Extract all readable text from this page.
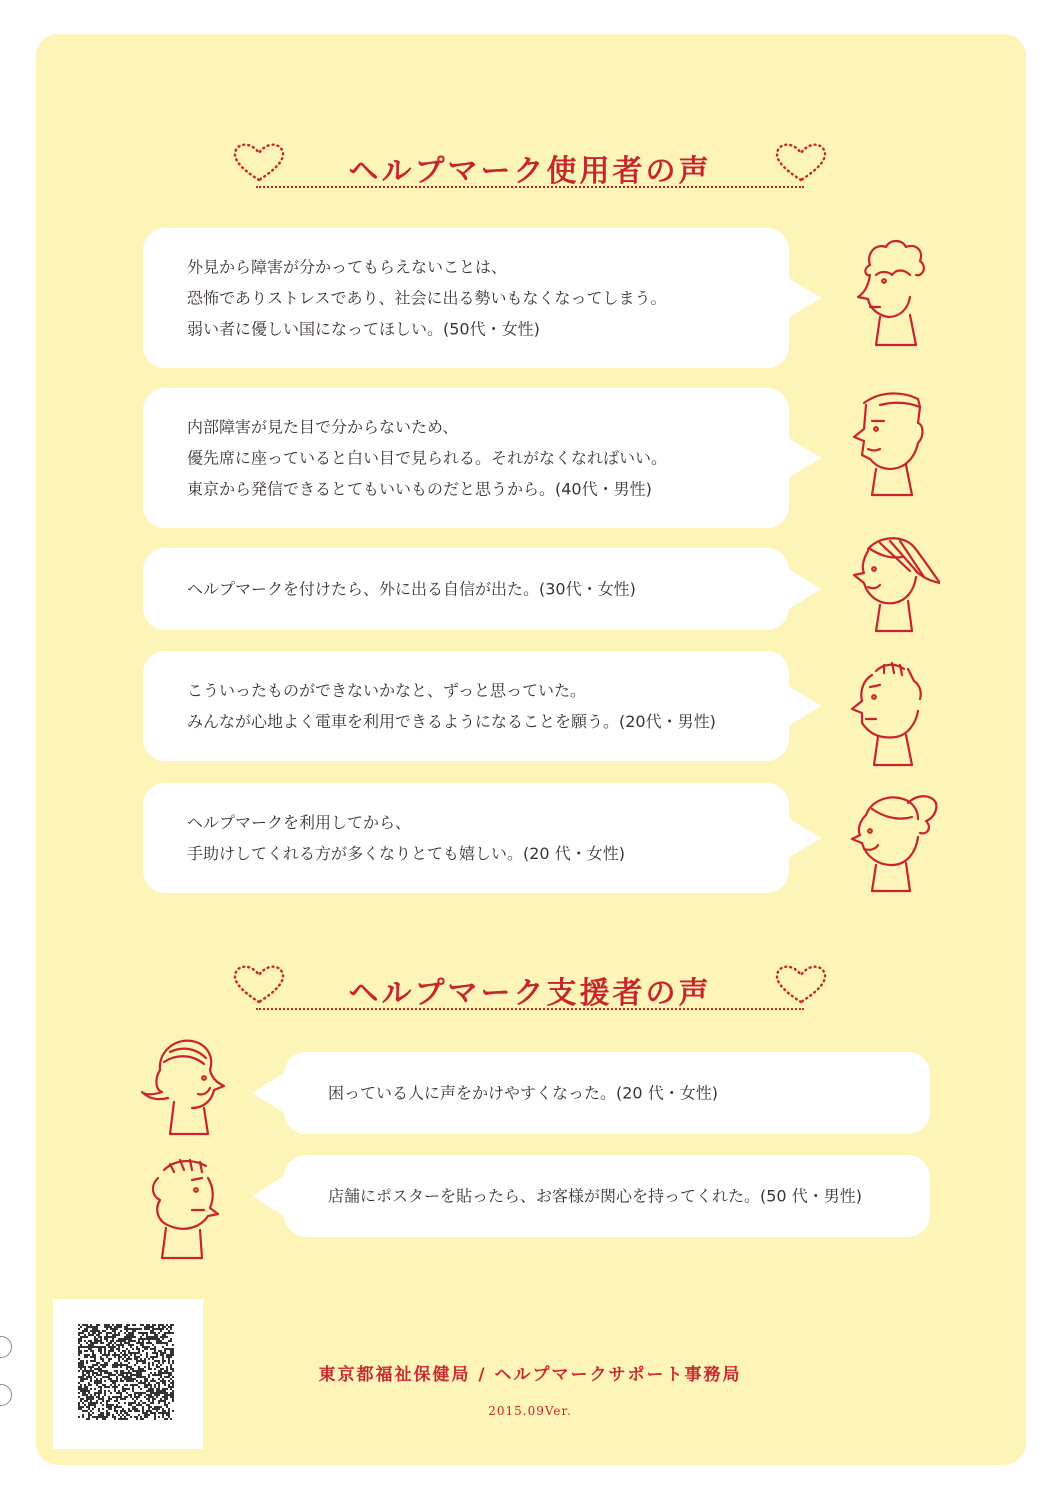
ヘルプマーク使用者の声
外見から障害が分かってもらえないことは、
恐怖でありストレスであり、社会に出る勢いもなくなってしまう。
弱い者に優しい国になってほしい。(50代・女性)
内部障害が見た目で分からないため、
優先席に座っていると白い目で見られる。それがなくなればいい。
東京から発信できるとてもいいものだと思うから。(40代・男性)
ヘルプマークを付けたら、外に出る自信が出た。(30代・女性)
こういったものができないかなと、ずっと思っていた。
みんなが心地よく電車を利用できるようになることを願う。(20代・男性)
ヘルプマークを利用してから、
手助けしてくれる方が多くなりとても嬉しい。(20 代・女性)
ヘルプマーク支援者の声
困っている人に声をかけやすくなった。(20 代・女性)
店舗にポスターを貼ったら、お客様が関心を持ってくれた。(50 代・男性)
東京都福祉保健局 / ヘルプマークサポート事務局
2015.09Ver.
